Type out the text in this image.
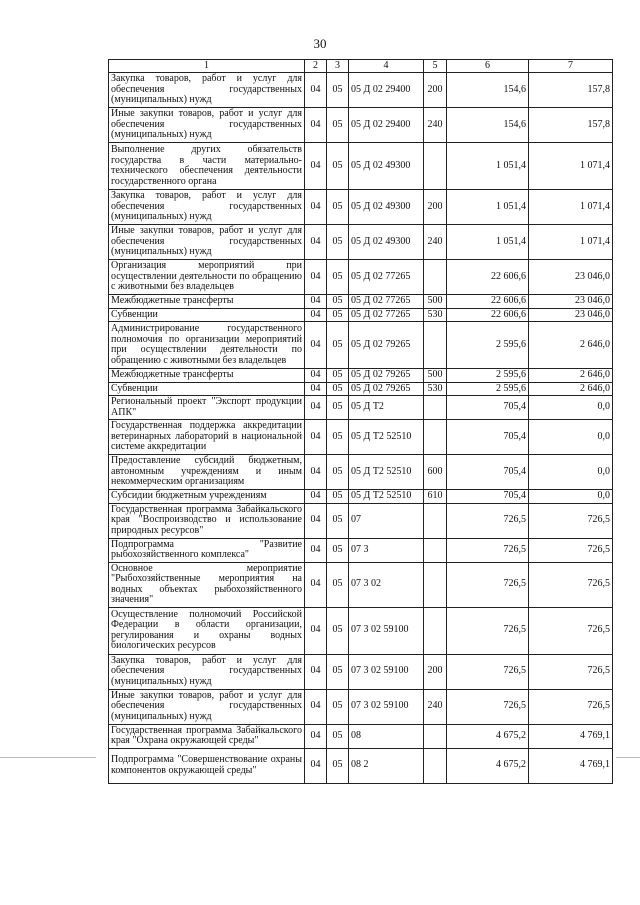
30
1	2	3	4	5	6	7
Закупка товаров, работ и услуг для обеспечения государственных (муниципальных) нужд	04	05	05 Д 02 29400	200	154,6	157,8
Иные закупки товаров, работ и услуг для обеспечения государственных (муниципальных) нужд	04	05	05 Д 02 29400	240	154,6	157,8
Выполнение других обязательств государства в части материально-технического обеспечения деятельности государственного органа	04	05	05 Д 02 49300		1 051,4	1 071,4
Закупка товаров, работ и услуг для обеспечения государственных (муниципальных) нужд	04	05	05 Д 02 49300	200	1 051,4	1 071,4
Иные закупки товаров, работ и услуг для обеспечения государственных (муниципальных) нужд	04	05	05 Д 02 49300	240	1 051,4	1 071,4
Организация мероприятий при осуществлении деятельности по обращению с животными без владельцев	04	05	05 Д 02 77265		22 606,6	23 046,0
Межбюджетные трансферты	04	05	05 Д 02 77265	500	22 606,6	23 046,0
Субвенции	04	05	05 Д 02 77265	530	22 606,6	23 046,0
Администрирование государственного полномочия по организации мероприятий при осуществлении деятельности по обращению с животными без владельцев	04	05	05 Д 02 79265		2 595,6	2 646,0
Межбюджетные трансферты	04	05	05 Д 02 79265	500	2 595,6	2 646,0
Субвенции	04	05	05 Д 02 79265	530	2 595,6	2 646,0
Региональный проект "Экспорт продукции АПК"	04	05	05 Д Т2		705,4	0,0
Государственная поддержка аккредитации ветеринарных лабораторий в национальной системе аккредитации	04	05	05 Д Т2 52510		705,4	0,0
Предоставление субсидий бюджетным, автономным учреждениям и иным некоммерческим организациям	04	05	05 Д Т2 52510	600	705,4	0,0
Субсидии бюджетным учреждениям	04	05	05 Д Т2 52510	610	705,4	0,0
Государственная программа Забайкальского края "Воспроизводство и использование природных ресурсов"	04	05	07		726,5	726,5
Подпрограмма "Развитие рыбохозяйственного комплекса"	04	05	07 3		726,5	726,5
Основное мероприятие "Рыбохозяйственные мероприятия на водных объектах рыбохозяйственного значения"	04	05	07 3 02		726,5	726,5
Осуществление полномочий Российской Федерации в области организации, регулирования и охраны водных биологических ресурсов	04	05	07 3 02 59100		726,5	726,5
Закупка товаров, работ и услуг для обеспечения государственных (муниципальных) нужд	04	05	07 3 02 59100	200	726,5	726,5
Иные закупки товаров, работ и услуг для обеспечения государственных (муниципальных) нужд	04	05	07 3 02 59100	240	726,5	726,5
Государственная программа Забайкальского края "Охрана окружающей среды"	04	05	08		4 675,2	4 769,1
Подпрограмма "Совершенствование охраны компонентов окружающей среды"	04	05	08 2		4 675,2	4 769,1
